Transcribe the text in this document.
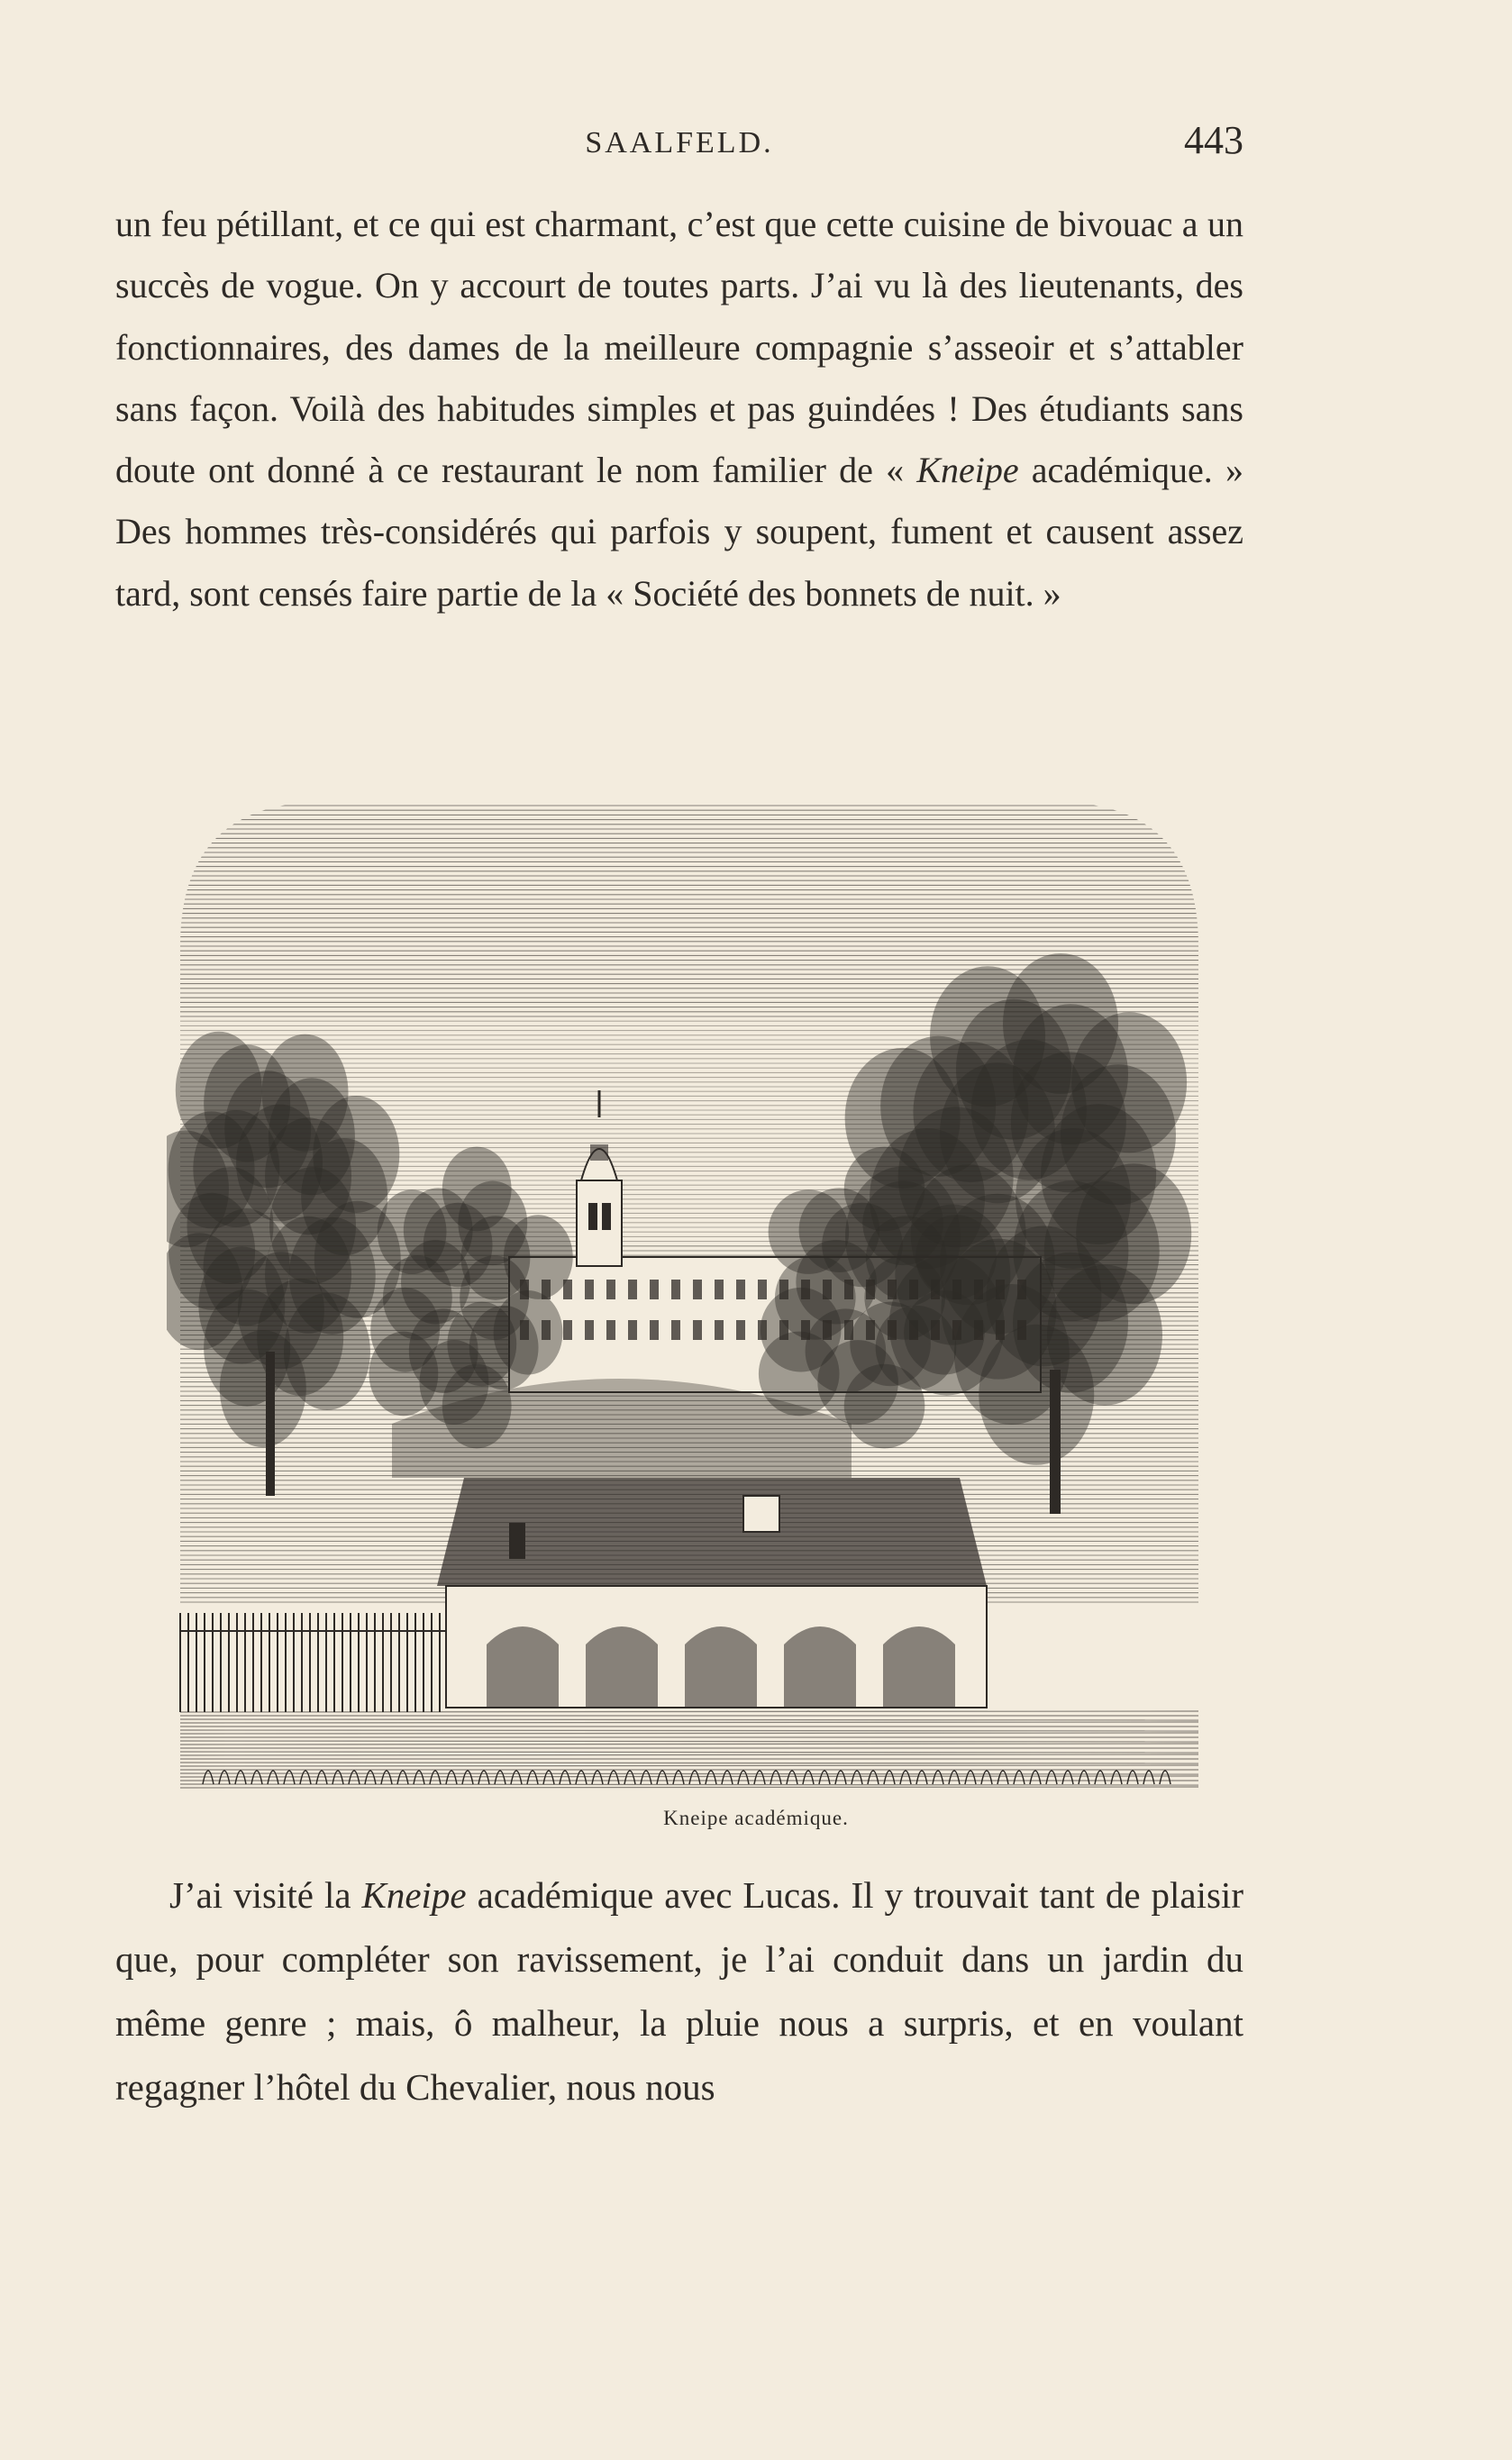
SAALFELD.	443

un feu pétillant, et ce qui est charmant, c’est que cette cuisine de bivouac a un succès de vogue. On y accourt de toutes parts. J’ai vu là des lieutenants, des fonctionnaires, des dames de la meilleure compagnie s’asseoir et s’attabler sans façon. Voilà des habitudes simples et pas guindées ! Des étudiants sans doute ont donné à ce restaurant le nom familier de « Kneipe académique. » Des hommes très-considérés qui parfois y soupent, fument et causent assez tard, sont censés faire partie de la « Société des bonnets de nuit. »

Kneipe académique.

J’ai visité la Kneipe académique avec Lucas. Il y trouvait tant de plaisir que, pour compléter son ravissement, je l’ai conduit dans un jardin du même genre ; mais, ô malheur, la pluie nous a surpris, et en voulant regagner l’hôtel du Chevalier, nous nous
